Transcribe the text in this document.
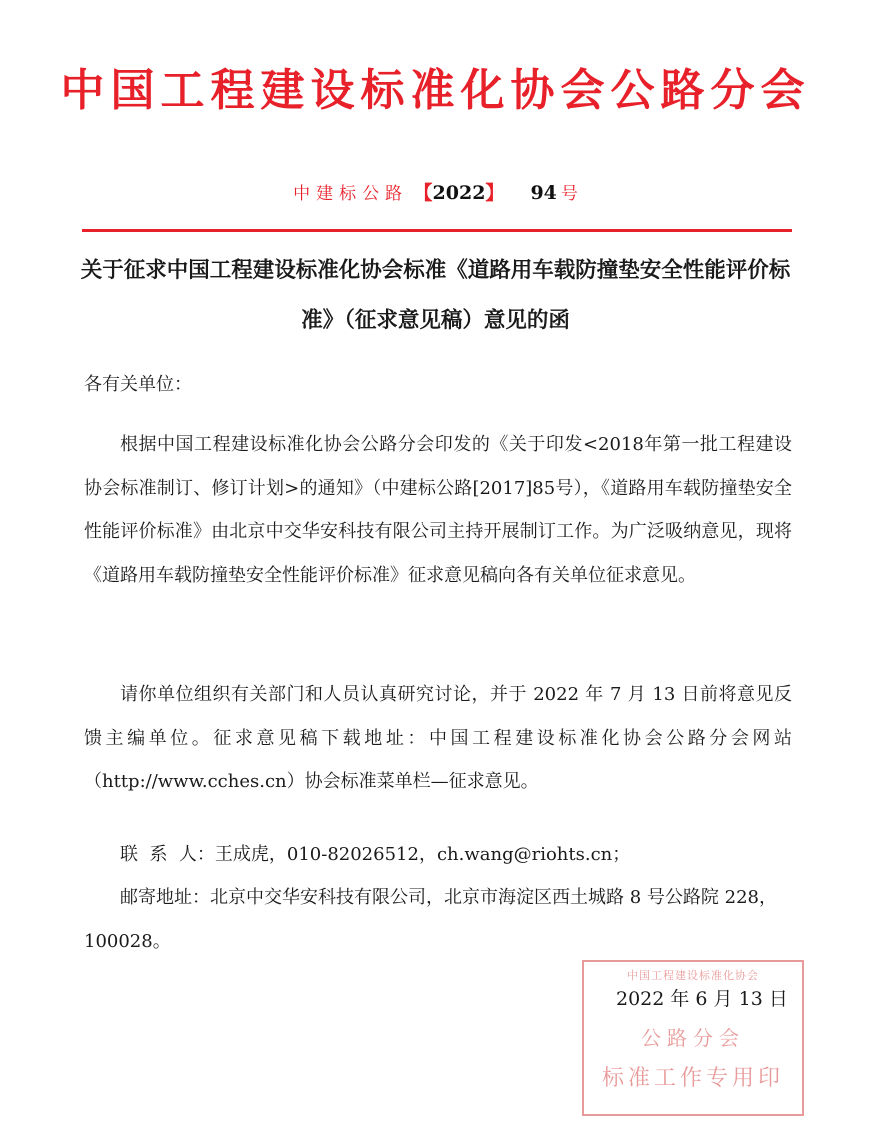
中国工程建设标准化协会公路分会
中建标公路 【2022】 94 号
关于征求中国工程建设标准化协会标准《道路用车载防撞垫安全性能评价标准》（征求意见稿）意见的函
各有关单位：
根据中国工程建设标准化协会公路分会印发的《关于印发<2018年第一批工程建设协会标准制订、修订计划>的通知》（中建标公路[2017]85号），《道路用车载防撞垫安全性能评价标准》由北京中交华安科技有限公司主持开展制订工作。为广泛吸纳意见，现将《道路用车载防撞垫安全性能评价标准》征求意见稿向各有关单位征求意见。
请你单位组织有关部门和人员认真研究讨论，并于 2022 年 7 月 13 日前将意见反馈主编单位。征求意见稿下载地址：中国工程建设标准化协会公路分会网站（http://www.cches.cn）协会标准菜单栏—征求意见。
联  系  人：王成虎，010-82026512，ch.wang@riohts.cn；
邮寄地址：北京中交华安科技有限公司，北京市海淀区西土城路 8 号公路院 228，100028。
中国工程建设标准化协会
公路分会
标准工作专用印
2022 年 6 月 13 日
